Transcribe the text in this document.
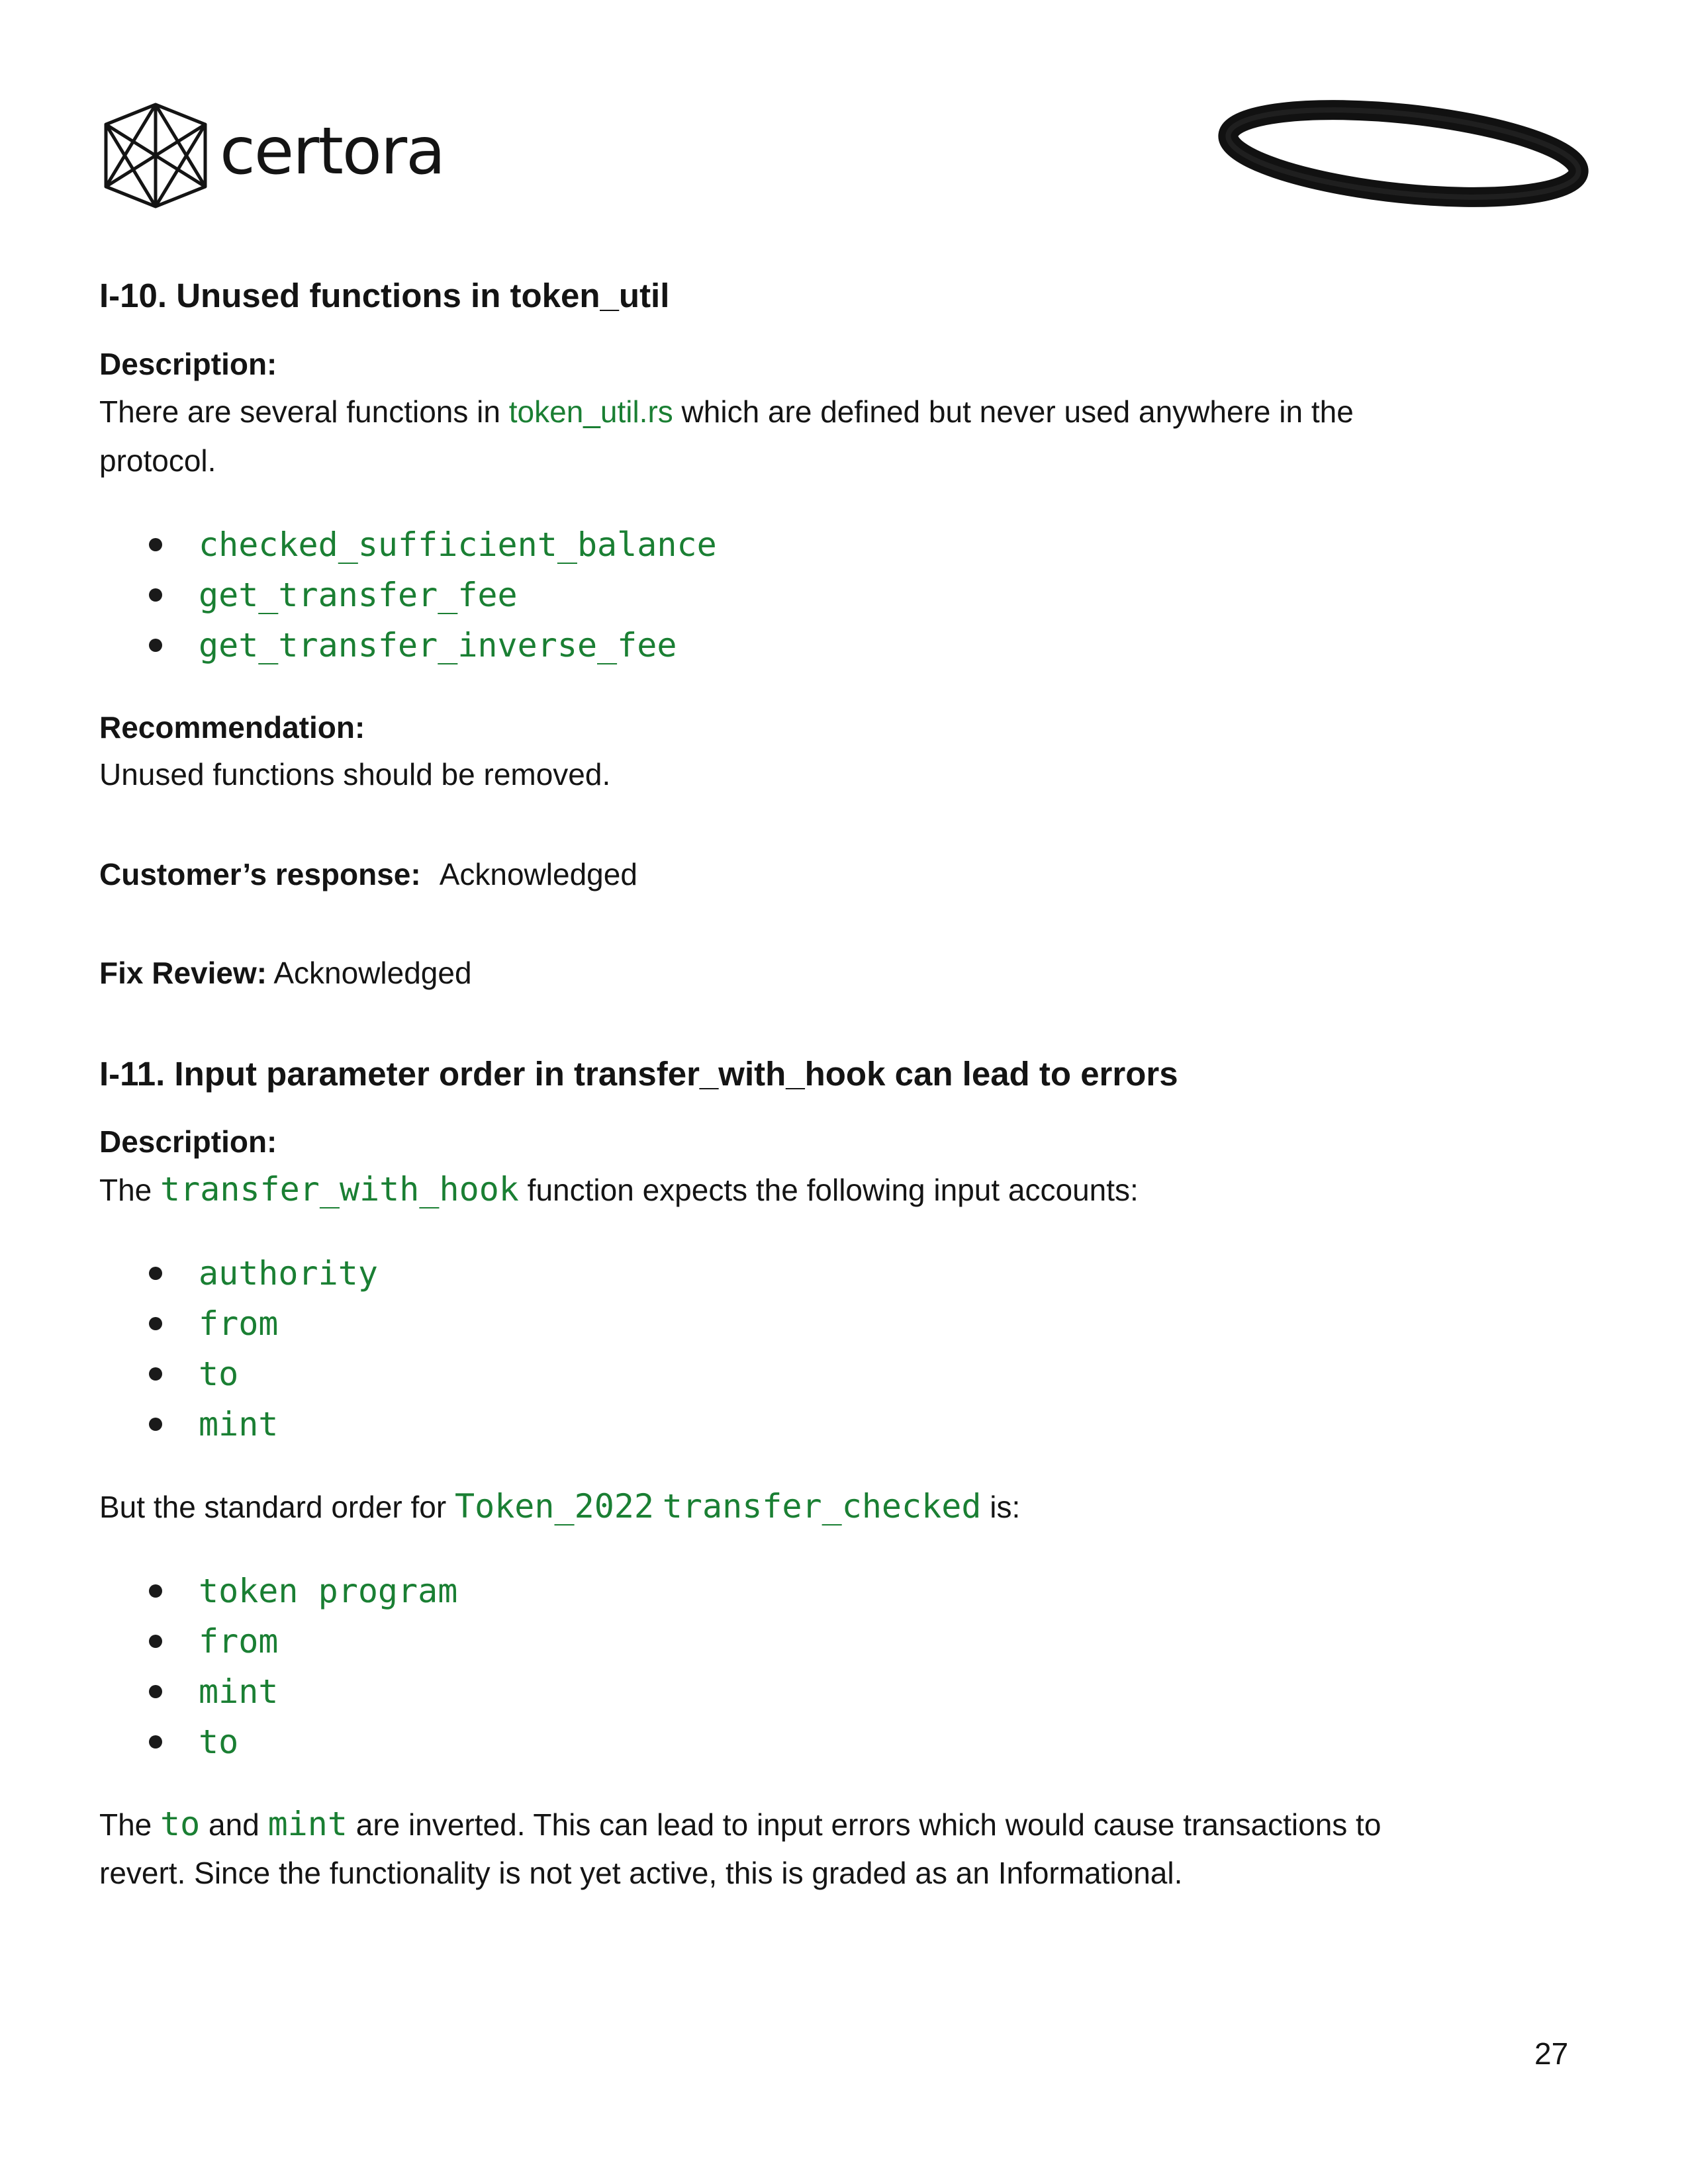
certora
I-10. Unused functions in token_util
Description:
There are several functions in token_util.rs which are defined but never used anywhere in the
protocol.
checked_sufficient_balance
get_transfer_fee
get_transfer_inverse_fee
Recommendation:
Unused functions should be removed.
Customer’s response: Acknowledged
Fix Review: Acknowledged
I-11. Input parameter order in transfer_with_hook can lead to errors
Description:
The transfer_with_hook function expects the following input accounts:
authority
from
to
mint
But the standard order for Token_2022 transfer_checked is:
token program
from
mint
to
The to and mint are inverted. This can lead to input errors which would cause transactions to
revert. Since the functionality is not yet active, this is graded as an Informational.
27
